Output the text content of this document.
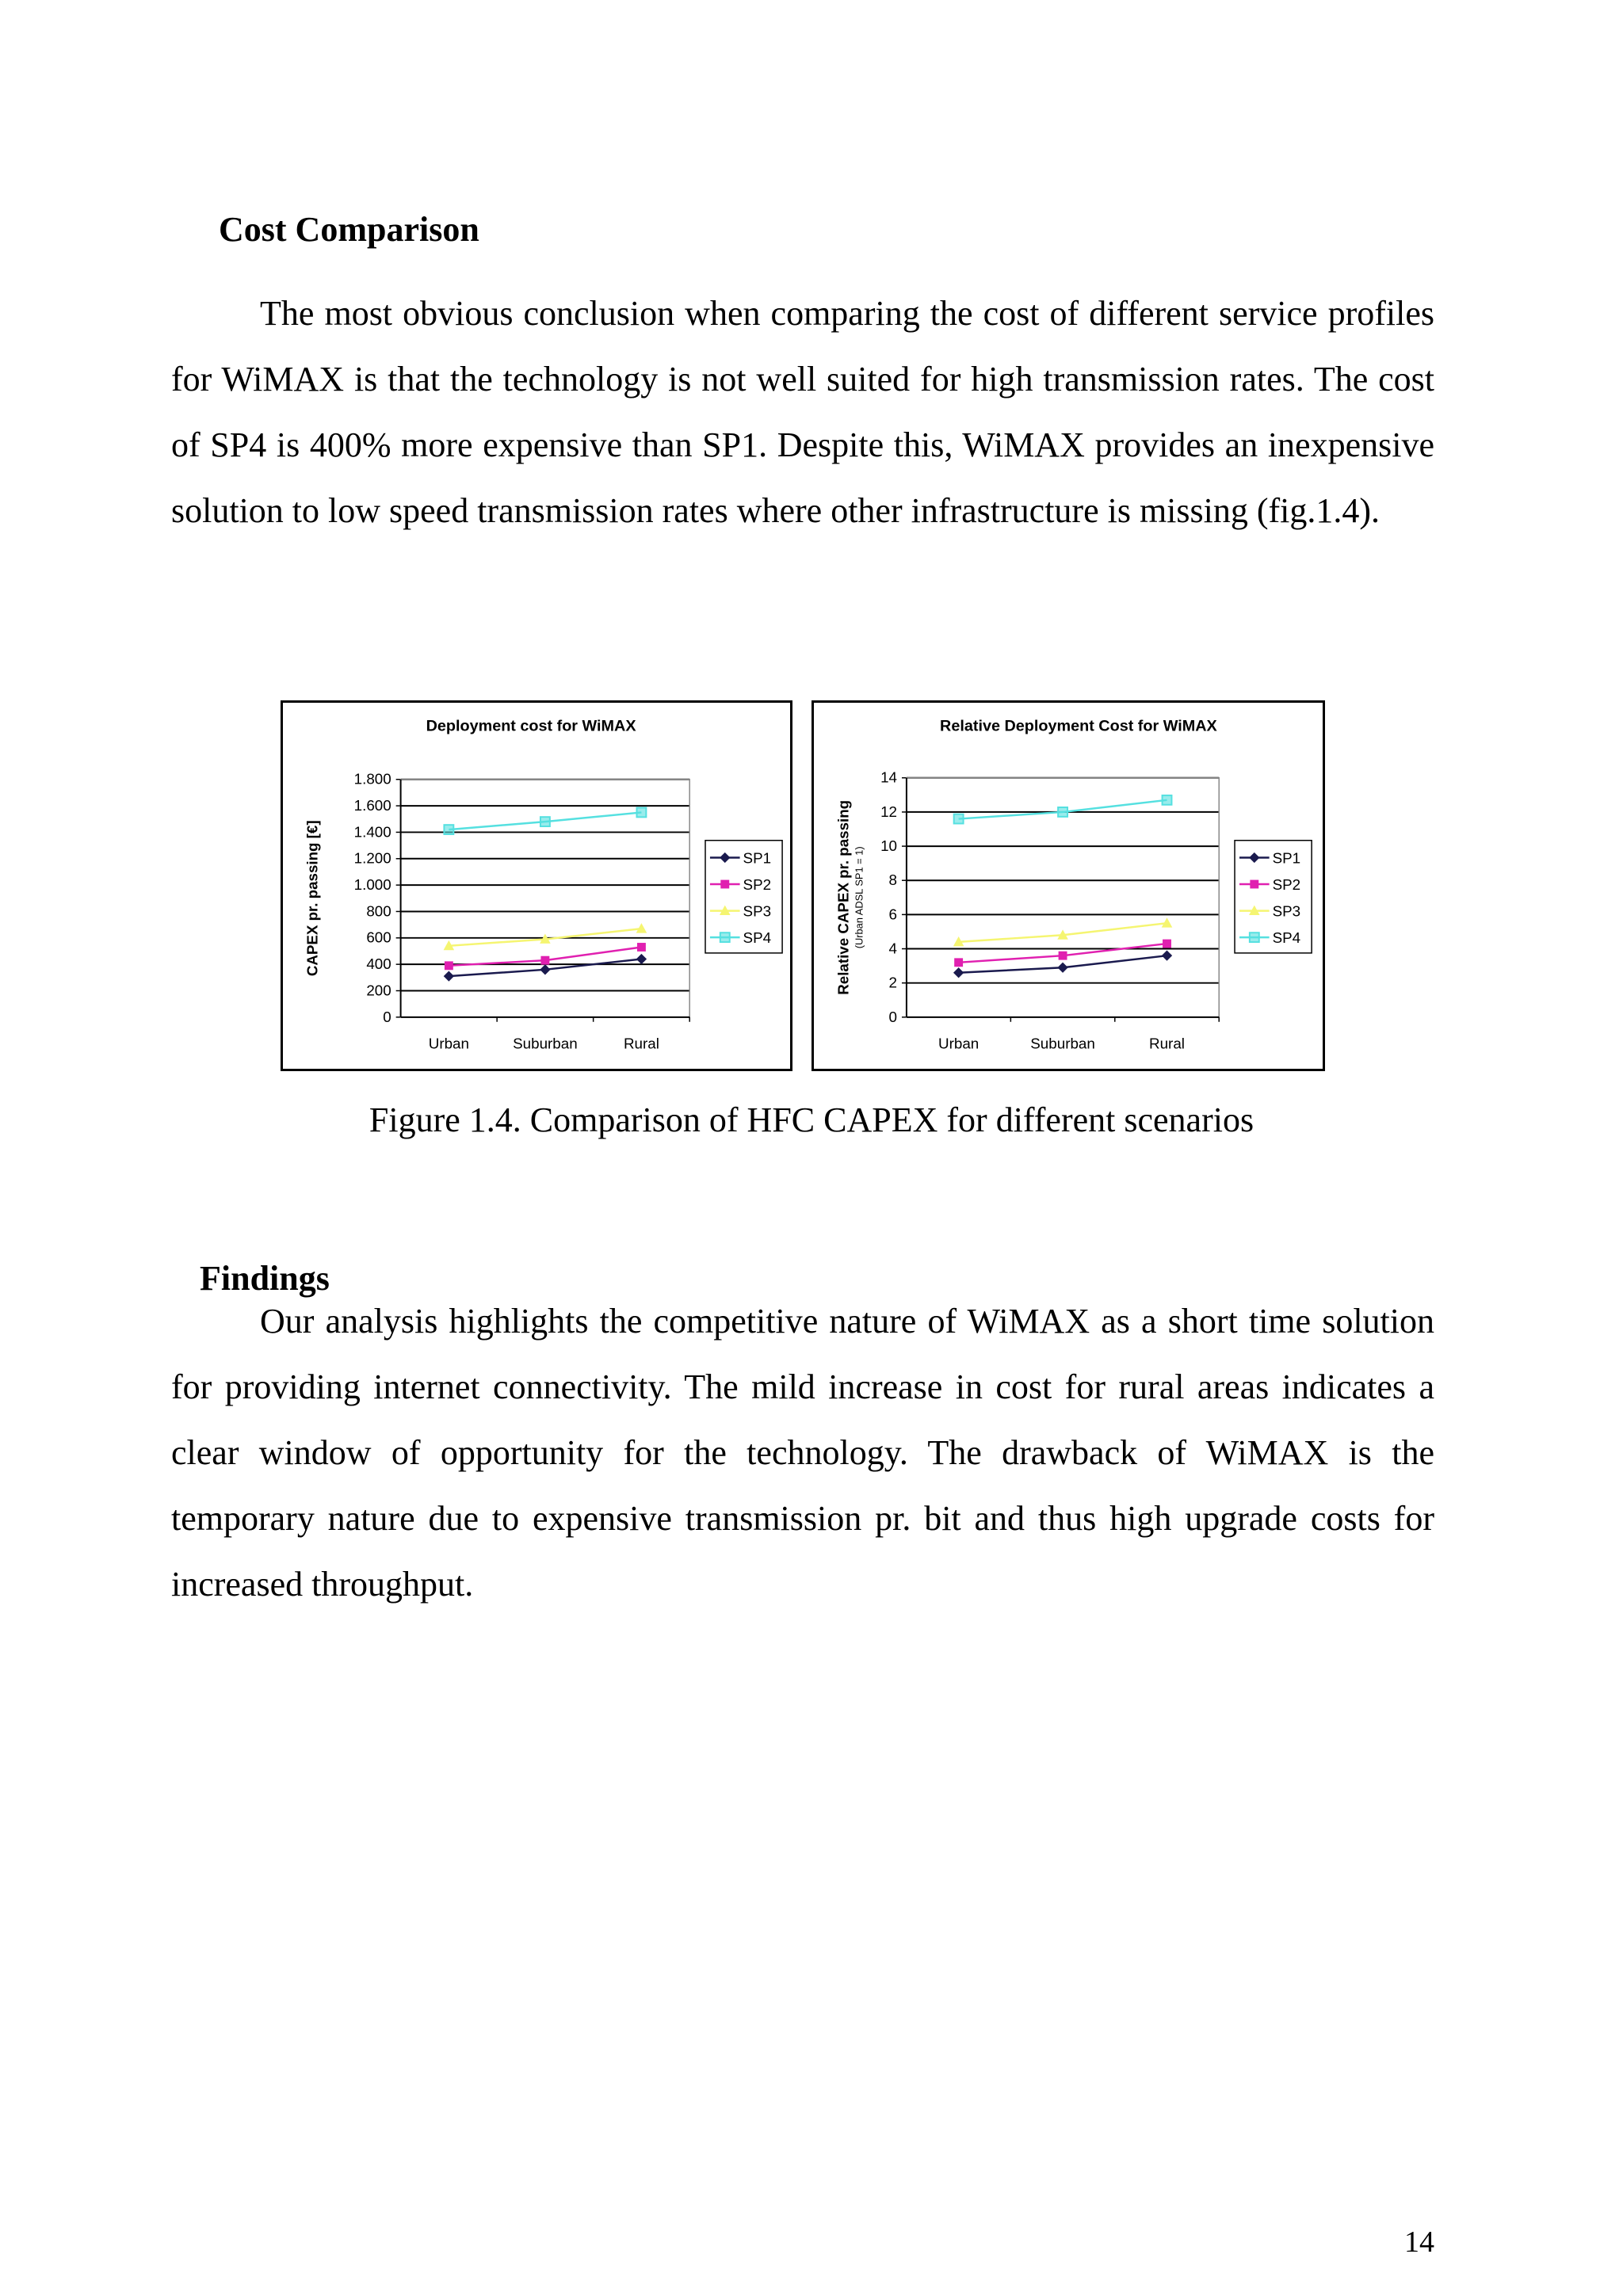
Cost Comparison

The most obvious conclusion when comparing the cost of different service profiles for WiMAX is that the technology is not well suited for high transmission rates. The cost of SP4 is 400% more expensive than SP1. Despite this, WiMAX provides an inexpensive solution to low speed transmission rates where other infrastructure is missing (fig.1.4).

Deployment cost for WiMAX
0
200
400
600
800
1.000
1.200
1.400
1.600
1.800
Urban	Suburban	Rural
CAPEX pr. passing [€]	SP1
SP2
SP3
SP4
Relative Deployment Cost for WiMAX
0
2
4
6
8
10
12
14
Urban	Suburban	Rural
Relative CAPEX pr. passing (Urban ADSL SP1 = 1)	SP1
SP2
SP3
SP4

Figure 1.4. Comparison of HFC CAPEX for different scenarios

Findings

Our analysis highlights the competitive nature of WiMAX as a short time solution for providing internet connectivity. The mild increase in cost for rural areas indicates a clear window of opportunity for the technology. The drawback of WiMAX is the temporary nature due to expensive transmission pr. bit and thus high upgrade costs for increased throughput.

14
